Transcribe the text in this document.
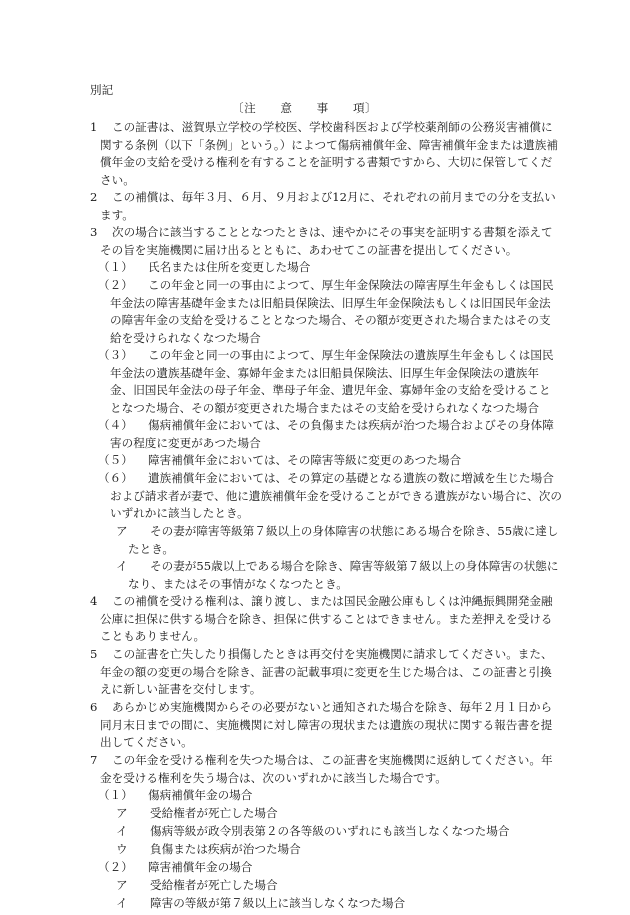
別記
〔注　　意　　事　　項〕
1	この証書は、滋賀県立学校の学校医、学校歯科医および学校薬剤師の公務災害補償に関する条例（以下「条例」という。）によつて傷病補償年金、障害補償年金または遺族補償年金の支給を受ける権利を有することを証明する書類ですから、大切に保管してください。

2	この補償は、毎年３月、６月、９月および12月に、それぞれの前月までの分を支払います。

3	次の場合に該当することとなつたときは、速やかにその事実を証明する書類を添えてその旨を実施機関に届け出るとともに、あわせてこの証書を提出してください。

（１）	氏名または住所を変更した場合

（２）	この年金と同一の事由によつて、厚生年金保険法の障害厚生年金もしくは国民年金法の障害基礎年金または旧船員保険法、旧厚生年金保険法もしくは旧国民年金法の障害年金の支給を受けることとなつた場合、その額が変更された場合またはその支給を受けられなくなつた場合

（３）	この年金と同一の事由によつて、厚生年金保険法の遺族厚生年金もしくは国民年金法の遺族基礎年金、寡婦年金または旧船員保険法、旧厚生年金保険法の遺族年金、旧国民年金法の母子年金、準母子年金、遺児年金、寡婦年金の支給を受けることとなつた場合、その額が変更された場合またはその支給を受けられなくなつた場合

（４）	傷病補償年金においては、その負傷または疾病が治つた場合およびその身体障害の程度に変更があつた場合

（５）	障害補償年金においては、その障害等級に変更のあつた場合

（６）	遺族補償年金においては、その算定の基礎となる遺族の数に増減を生じた場合および請求者が妻で、他に遺族補償年金を受けることができる遺族がない場合に、次のいずれかに該当したとき。

ア	その妻が障害等級第７級以上の身体障害の状態にある場合を除き、55歳に達したとき。

イ	その妻が55歳以上である場合を除き、障害等級第７級以上の身体障害の状態になり、またはその事情がなくなつたとき。

4	この補償を受ける権利は、譲り渡し、または国民金融公庫もしくは沖縄振興開発金融公庫に担保に供する場合を除き、担保に供することはできません。また差押えを受けることもありません。

5	この証書を亡失したり損傷したときは再交付を実施機関に請求してください。また、年金の額の変更の場合を除き、証書の記載事項に変更を生じた場合は、この証書と引換えに新しい証書を交付します。

6	あらかじめ実施機関からその必要がないと通知された場合を除き、毎年２月１日から同月末日までの間に、実施機関に対し障害の現状または遺族の現状に関する報告書を提出してください。

7	この年金を受ける権利を失つた場合は、この証書を実施機関に返納してください。年金を受ける権利を失う場合は、次のいずれかに該当した場合です。

（１）	傷病補償年金の場合

ア	受給権者が死亡した場合

イ	傷病等級が政令別表第２の各等級のいずれにも該当しなくなつた場合

ウ	負傷または疾病が治つた場合

（２）	障害補償年金の場合

ア	受給権者が死亡した場合

イ	障害の等級が第７級以上に該当しなくなつた場合
